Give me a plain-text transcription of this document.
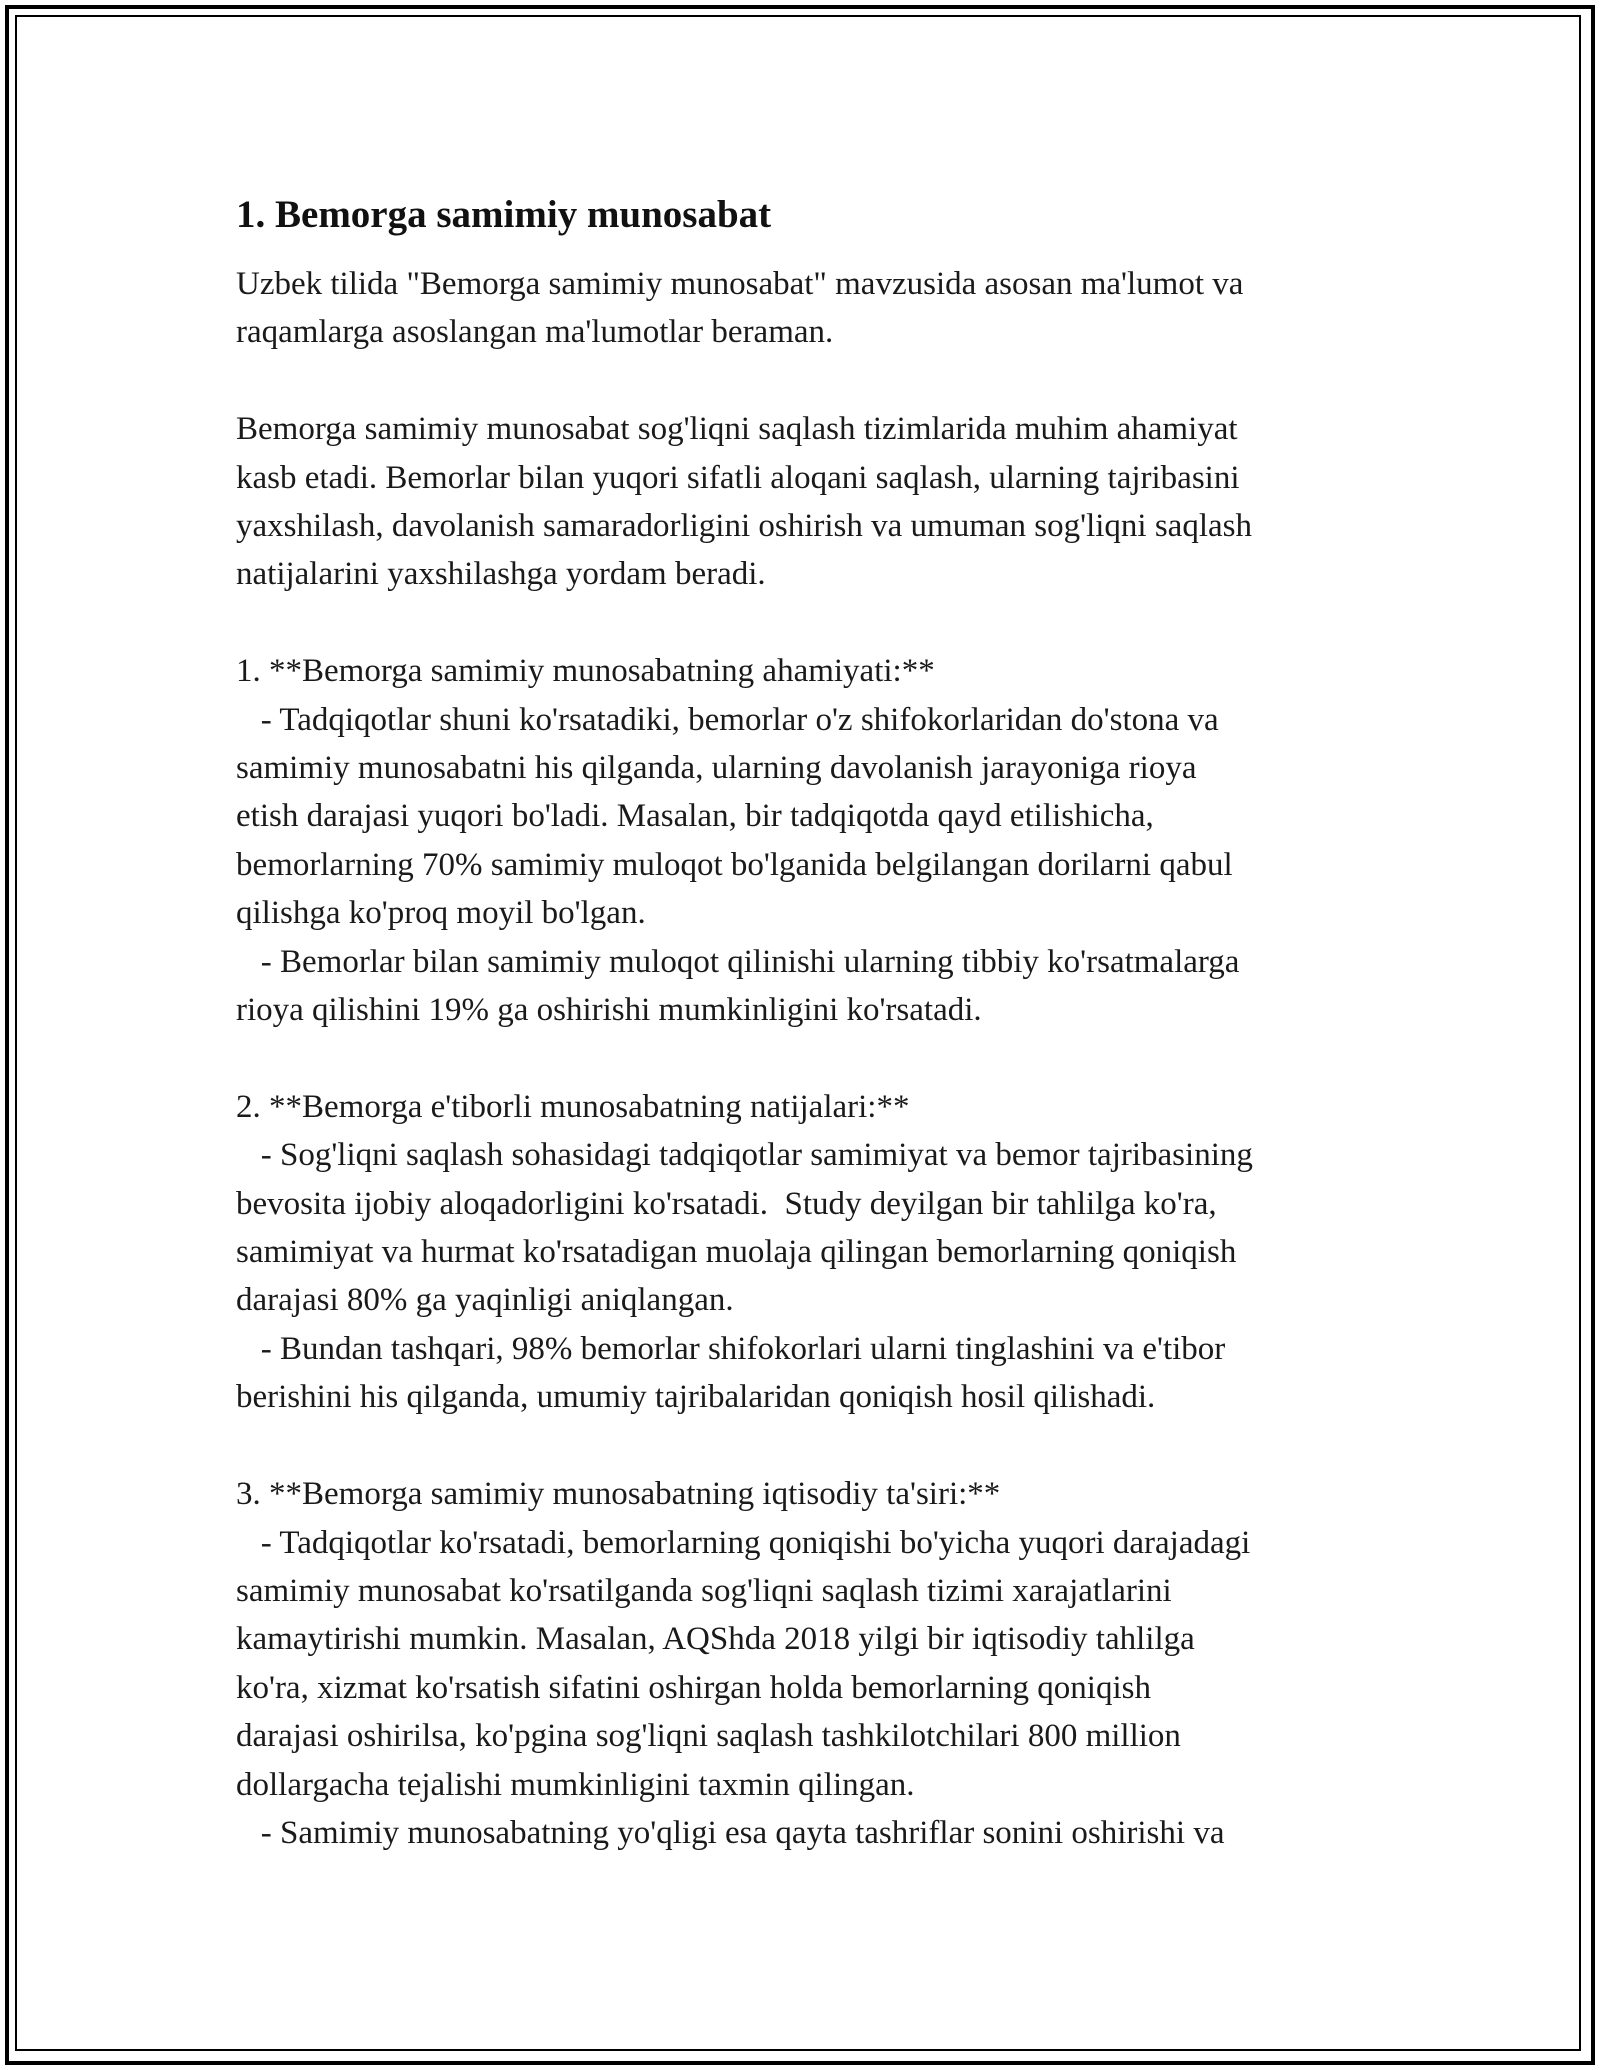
1. Bemorga samimiy munosabat
Uzbek tilida "Bemorga samimiy munosabat" mavzusida asosan ma'lumot va
raqamlarga asoslangan ma'lumotlar beraman.
Bemorga samimiy munosabat sog'liqni saqlash tizimlarida muhim ahamiyat
kasb etadi. Bemorlar bilan yuqori sifatli aloqani saqlash, ularning tajribasini
yaxshilash, davolanish samaradorligini oshirish va umuman sog'liqni saqlash
natijalarini yaxshilashga yordam beradi.
1. **Bemorga samimiy munosabatning ahamiyati:**
- Tadqiqotlar shuni ko'rsatadiki, bemorlar o'z shifokorlaridan do'stona va
samimiy munosabatni his qilganda, ularning davolanish jarayoniga rioya
etish darajasi yuqori bo'ladi. Masalan, bir tadqiqotda qayd etilishicha,
bemorlarning 70% samimiy muloqot bo'lganida belgilangan dorilarni qabul
qilishga ko'proq moyil bo'lgan.
- Bemorlar bilan samimiy muloqot qilinishi ularning tibbiy ko'rsatmalarga
rioya qilishini 19% ga oshirishi mumkinligini ko'rsatadi.
2. **Bemorga e'tiborli munosabatning natijalari:**
- Sog'liqni saqlash sohasidagi tadqiqotlar samimiyat va bemor tajribasining
bevosita ijobiy aloqadorligini ko'rsatadi.  Study deyilgan bir tahlilga ko'ra,
samimiyat va hurmat ko'rsatadigan muolaja qilingan bemorlarning qoniqish
darajasi 80% ga yaqinligi aniqlangan.
- Bundan tashqari, 98% bemorlar shifokorlari ularni tinglashini va e'tibor
berishini his qilganda, umumiy tajribalaridan qoniqish hosil qilishadi.
3. **Bemorga samimiy munosabatning iqtisodiy ta'siri:**
- Tadqiqotlar ko'rsatadi, bemorlarning qoniqishi bo'yicha yuqori darajadagi
samimiy munosabat ko'rsatilganda sog'liqni saqlash tizimi xarajatlarini
kamaytirishi mumkin. Masalan, AQShda 2018 yilgi bir iqtisodiy tahlilga
ko'ra, xizmat ko'rsatish sifatini oshirgan holda bemorlarning qoniqish
darajasi oshirilsa, ko'pgina sog'liqni saqlash tashkilotchilari 800 million
dollargacha tejalishi mumkinligini taxmin qilingan.
- Samimiy munosabatning yo'qligi esa qayta tashriflar sonini oshirishi va
